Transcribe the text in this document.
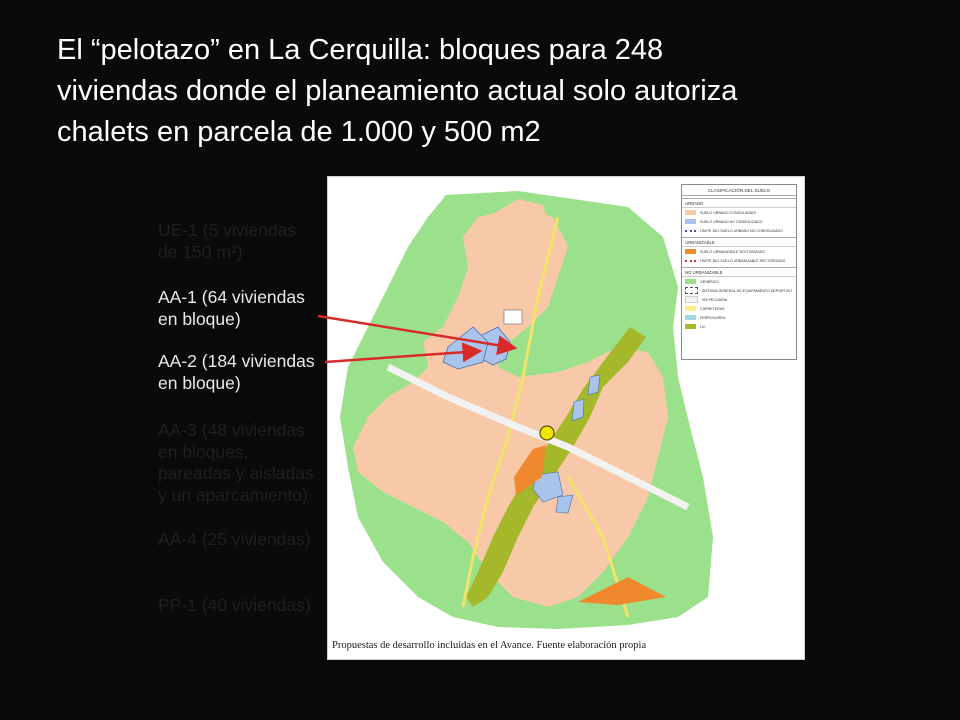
El “pelotazo” en La Cerquilla: bloques para 248
viviendas donde el planeamiento actual solo autoriza
chalets en parcela de 1.000 y 500 m2
UE-1 (5 viviendas
de 150 m²)
AA-1 (64 viviendas
en bloque)
AA-2 (184 viviendas
en bloque)
AA-3 (48 viviendas
en bloques,
pareadas y aisladas
y un aparcamiento)
AA-4 (25 viviendas)
PP-1 (40 viviendas)
CLASIFICACIÓN DEL SUELO
URBANO
SUELO URBANO CONSOLIDADO
SUELO URBANO NO CONSOLIDADO
LÍMITE DEL SUELO URBANO NO CONSOLIDADO
URBANIZABLE
SUELO URBANIZABLE SECTORIZADO
LÍMITE DEL SUELO URBANIZABLE SECTORIZADO
NO URBANIZABLE
GENÉRICO
SISTEMA GENERAL DE EQUIPAMIENTO DEPORTIVO
VÍA PECUARIA
CARRETERAS
FERROCARRIL
LIC
Propuestas de desarrollo incluidas en el Avance. Fuente elaboración propia
